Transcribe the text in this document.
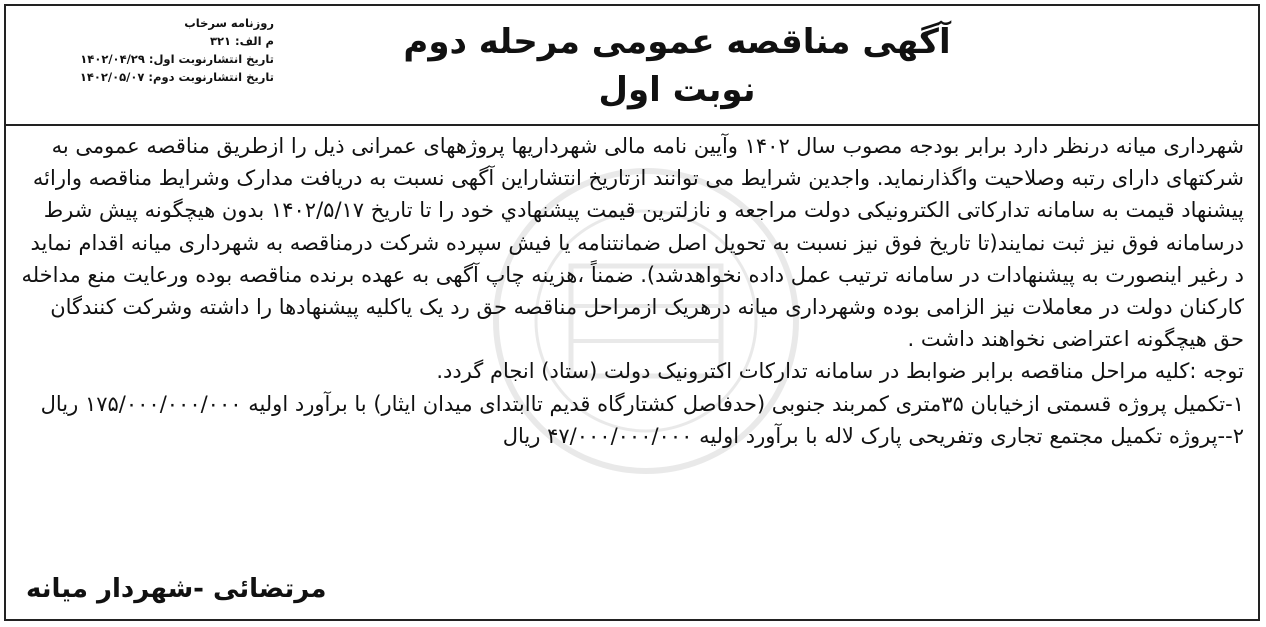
روزنامه سرخاب
م الف: ۳۲۱
تاریخ انتشارنوبت اول: ۱۴۰۲/۰۴/۲۹
تاریخ انتشارنوبت دوم: ۱۴۰۲/۰۵/۰۷
آگهی مناقصه عمومی مرحله دوم
نوبت اول

شهرداری میانه درنظر دارد برابر بودجه مصوب سال ۱۴۰۲ وآیین نامه مالی شهرداریها پروژههای عمرانی ذیل را ازطریق مناقصه عمومی به شرکتهای دارای رتبه وصلاحیت واگذارنماید. واجدین شرایط می توانند ازتاریخ انتشاراین آگهی نسبت به دریافت مدارک وشرایط مناقصه وارائه پیشنهاد قیمت به سامانه تدارکاتی الکترونیکی دولت مراجعه و نازلترین قیمت پیشنهادي خود را تا تاریخ ۱۴۰۲/۵/۱۷ بدون هیچگونه پیش شرط درسامانه فوق نیز ثبت نمایند(تا تاریخ فوق نیز نسبت به تحویل اصل ضمانتنامه یا فیش سپرده شرکت درمناقصه به شهرداری میانه اقدام نماید د رغیر اینصورت به پیشنهادات در سامانه ترتیب عمل داده نخواهدشد). ضمناً ،هزینه چاپ آگهی به عهده برنده مناقصه بوده ورعایت منع مداخله کارکنان دولت در معاملات نیز الزامی بوده وشهرداری میانه درهریک ازمراحل مناقصه حق رد یک یاکلیه پیشنهادها را داشته وشرکت کنندگان حق هیچگونه اعتراضی نخواهند داشت .

توجه :کلیه مراحل مناقصه برابر ضوابط در سامانه تدارکات اکترونیک دولت (ستاد) انجام گردد.

۱-تکمیل پروژه قسمتی ازخیابان ۳۵متری کمربند جنوبی (حدفاصل کشتارگاه قدیم تاابتدای میدان ایثار) با برآورد اولیه ۱۷۵/۰۰۰/۰۰۰/۰۰۰ ریال

۲--پروژه تکمیل مجتمع تجاری وتفریحی پارک لاله با برآورد اولیه ۴۷/۰۰۰/۰۰۰/۰۰۰ ریال

مرتضائی -شهردار میانه
